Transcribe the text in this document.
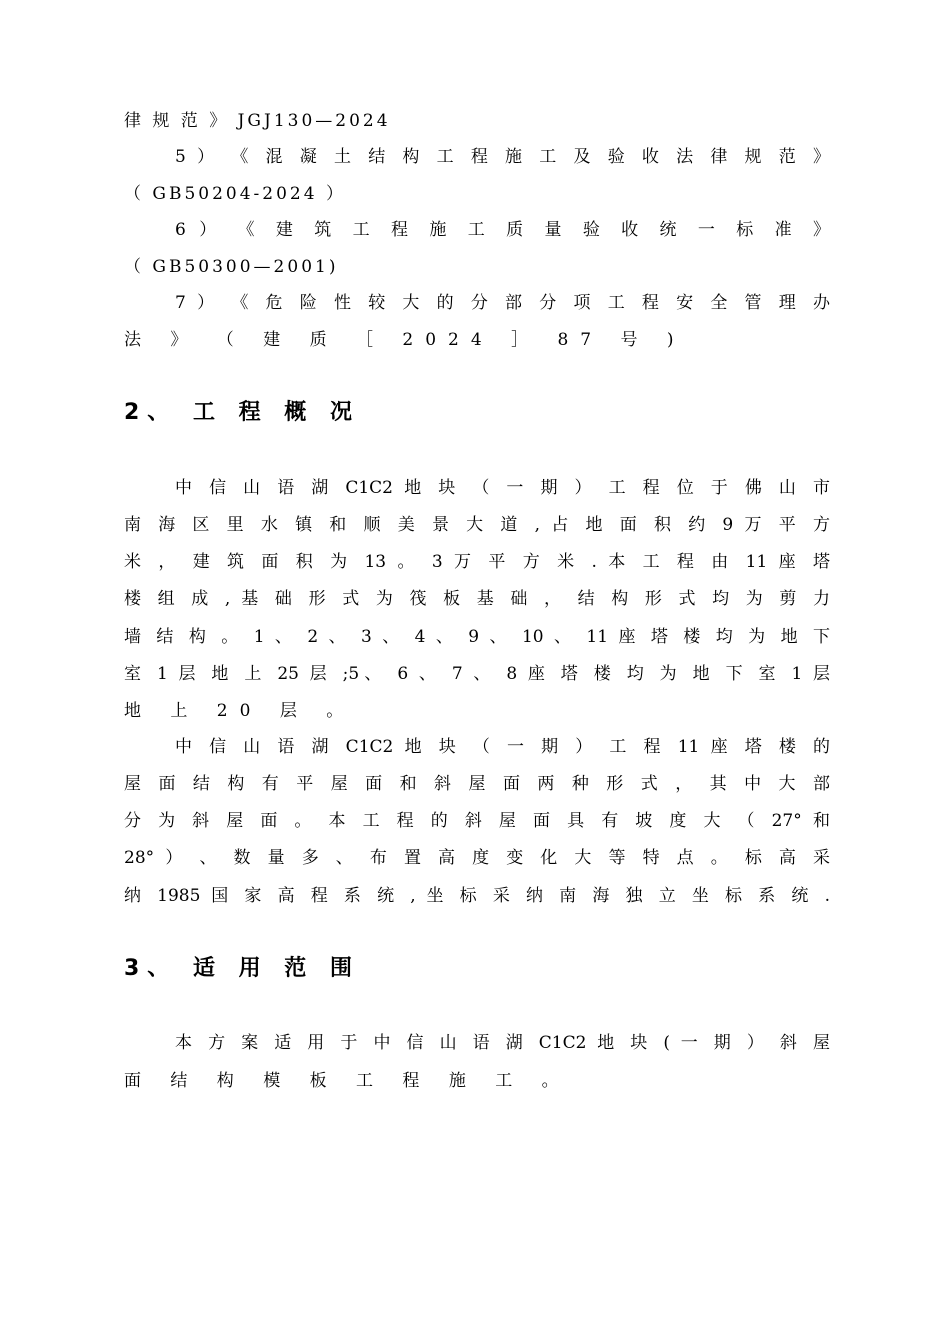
律 规 范 》 JGJ130—2024
5 ） 《 混 凝 土 结 构 工 程 施 工 及 验 收 法 律 规 范 》
（ GB50204-2024 ）
6 ） 《 建 筑 工 程 施 工 质 量 验 收 统 一 标 准 》
（ GB50300—2001)
7 ） 《 危 险 性 较 大 的 分 部 分 项 工 程 安 全 管 理 办
法 》 （ 建 质 ［ 2024 ］ 87 号 )
2、 工 程 概 况
中 信 山 语 湖 C1C2 地 块 （ 一 期 ） 工 程 位 于 佛 山 市
南 海 区 里 水 镇 和 顺 美 景 大 道 , 占 地 面 积 约 9 万 平 方
米 ， 建 筑 面 积 为 13 。 3 万 平 方 米 . 本 工 程 由 11 座 塔
楼 组 成 , 基 础 形 式 为 筏 板 基 础 ， 结 构 形 式 均 为 剪 力
墙 结 构 。 1 、 2 、 3 、 4 、 9 、 10 、 11 座 塔 楼 均 为 地 下
室 1 层 地 上 25 层 ;5、 6 、 7 、 8 座 塔 楼 均 为 地 下 室 1 层
地 上 20 层 。
中 信 山 语 湖 C1C2 地 块 （ 一 期 ） 工 程 11 座 塔 楼 的
屋 面 结 构 有 平 屋 面 和 斜 屋 面 两 种 形 式 ， 其 中 大 部
分 为 斜 屋 面 。 本 工 程 的 斜 屋 面 具 有 坡 度 大 （ 27° 和
28° ） 、 数 量 多 、 布 置 高 度 变 化 大 等 特 点 。 标 高 采
纳 1985 国 家 高 程 系 统 , 坐 标 采 纳 南 海 独 立 坐 标 系 统 .
3、 适 用 范 围
本 方 案 适 用 于 中 信 山 语 湖 C1C2 地 块 ( 一 期 ） 斜 屋
面 结 构 模 板 工 程 施 工 。
